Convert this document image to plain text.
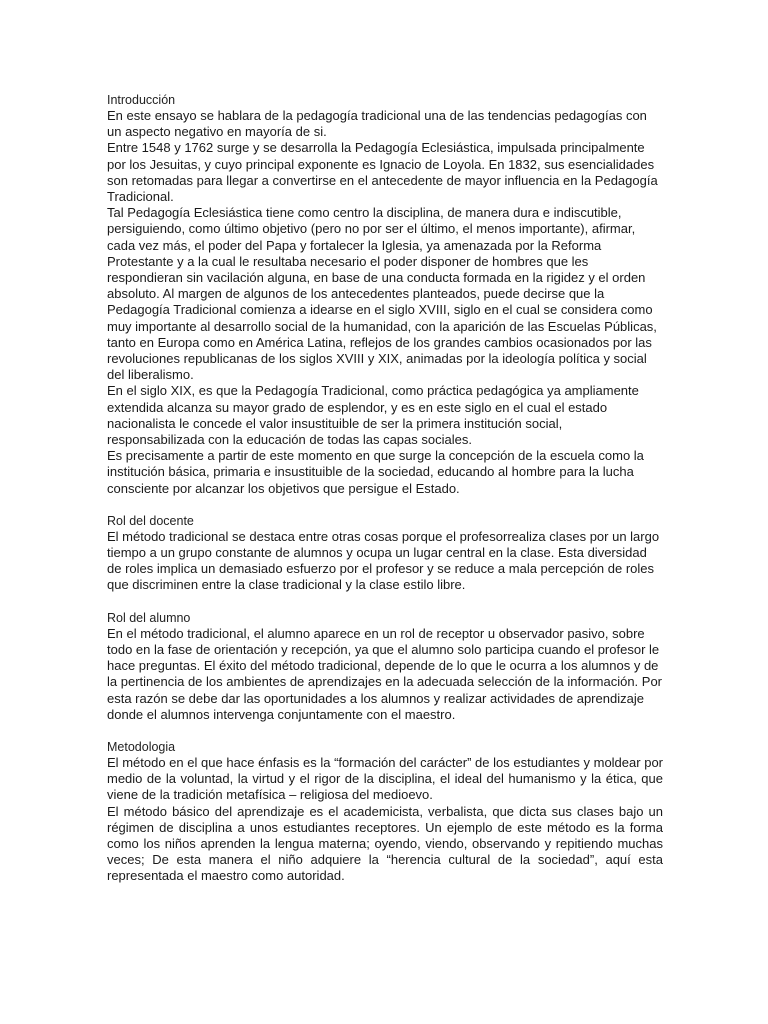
Introducción

En este ensayo se hablara de la pedagogía tradicional una de las tendencias pedagogías con un aspecto negativo en mayoría de si.

Entre 1548 y 1762 surge y se desarrolla la Pedagogía Eclesiástica, impulsada principalmente por los Jesuitas, y cuyo principal exponente es Ignacio de Loyola. En 1832, sus esencialidades son retomadas para llegar a convertirse en el antecedente de mayor influencia en la Pedagogía Tradicional.

Tal Pedagogía Eclesiástica tiene como centro la disciplina, de manera dura e indiscutible, persiguiendo, como último objetivo (pero no por ser el último, el menos importante), afirmar, cada vez más, el poder del Papa y fortalecer la Iglesia, ya amenazada por la Reforma Protestante y a la cual le resultaba necesario el poder disponer de hombres que les respondieran sin vacilación alguna, en base de una conducta formada en la rigidez y el orden absoluto. Al margen de algunos de los antecedentes planteados, puede decirse que la Pedagogía Tradicional comienza a idearse en el siglo XVIII, siglo en el cual se considera como muy importante al desarrollo social de la humanidad, con la aparición de las Escuelas Públicas, tanto en Europa como en América Latina, reflejos de los grandes cambios ocasionados por las revoluciones republicanas de los siglos XVIII y XIX, animadas por la ideología política y social del liberalismo.

En el siglo XIX, es que la Pedagogía Tradicional, como práctica pedagógica ya ampliamente extendida alcanza su mayor grado de esplendor, y es en este siglo en el cual el estado nacionalista le concede el valor insustituible de ser la primera institución social, responsabilizada con la educación de todas las capas sociales.

Es precisamente a partir de este momento en que surge la concepción de la escuela como la institución básica, primaria e insustituible de la sociedad, educando al hombre para la lucha consciente por alcanzar los objetivos que persigue el Estado.

Rol del docente

El método tradicional se destaca entre otras cosas porque el profesorrealiza clases por un largo tiempo a un grupo constante de alumnos y ocupa un lugar central en la clase. Esta diversidad de roles implica un demasiado esfuerzo por el profesor y se reduce a mala percepción de roles que discriminen entre la clase tradicional y la clase estilo libre.

Rol del alumno

En el método tradicional, el alumno aparece en un rol de receptor u observador pasivo, sobre todo en la fase de orientación y recepción, ya que el alumno solo participa cuando el profesor le hace preguntas. El éxito del método tradicional, depende de lo que le ocurra a los alumnos y de la pertinencia de los ambientes de aprendizajes en la adecuada selección de la información. Por esta razón se debe dar las oportunidades a los alumnos y realizar actividades de aprendizaje donde el alumnos intervenga conjuntamente con el maestro.

Metodologia

El método en el que hace énfasis es la “formación del carácter” de los estudiantes y moldear por medio de la voluntad, la virtud y el rigor de la disciplina, el ideal del humanismo y la ética, que viene de la tradición metafísica – religiosa del medioevo.

El método básico del aprendizaje es el academicista, verbalista, que dicta sus clases bajo un régimen de disciplina a unos estudiantes receptores. Un ejemplo de este método es la forma como los niños aprenden la lengua materna; oyendo, viendo, observando y repitiendo muchas veces; De esta manera el niño adquiere la “herencia cultural de la sociedad”, aquí esta representada el maestro como autoridad.
